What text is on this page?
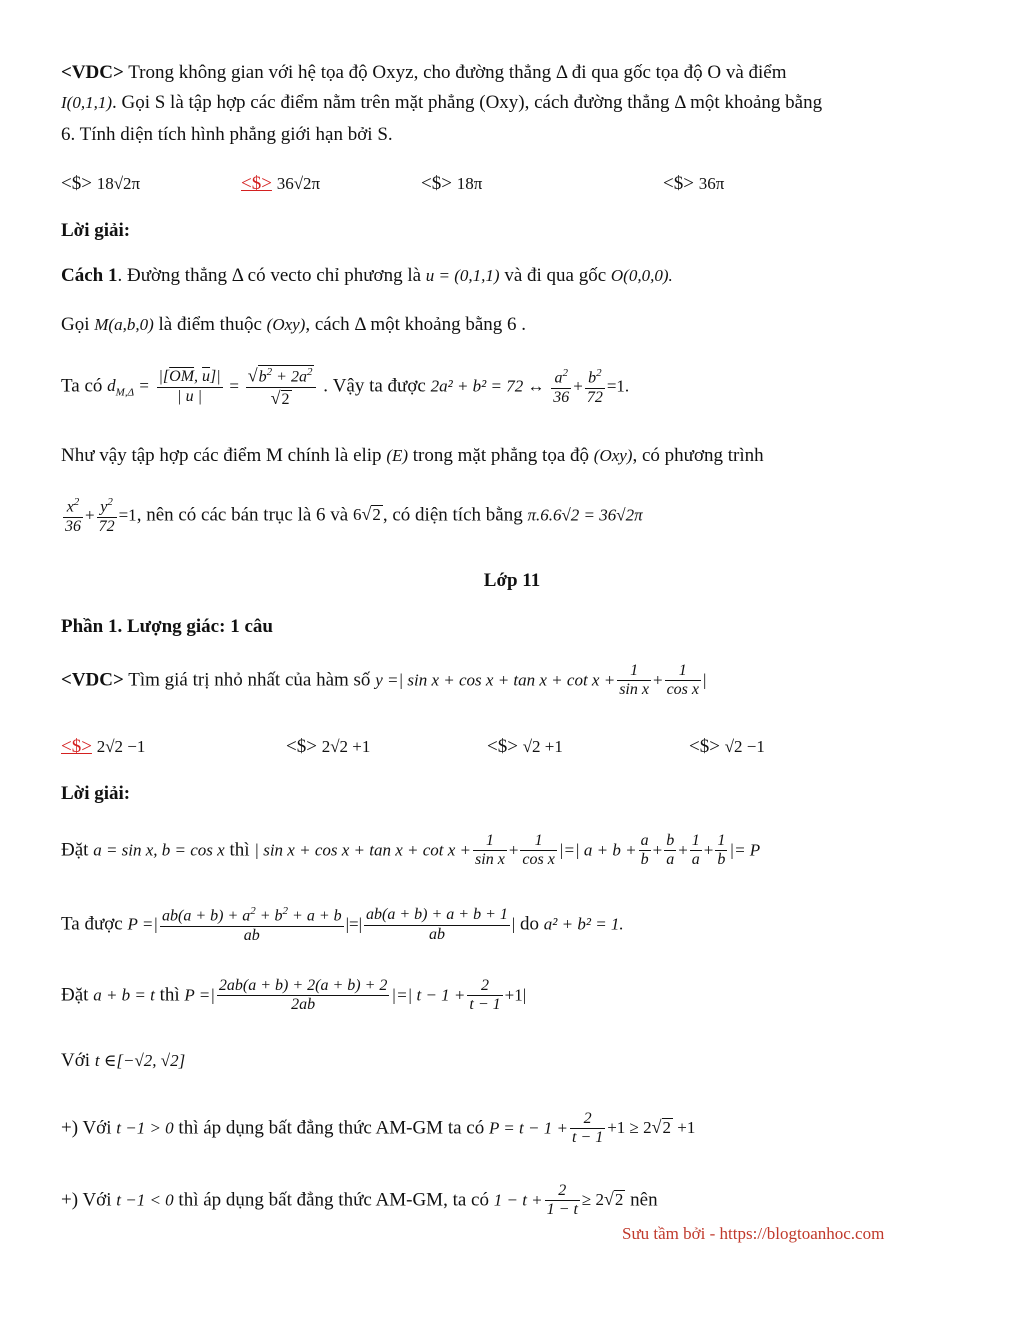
<VDC> Trong không gian với hệ tọa độ Oxyz, cho đường thẳng Δ đi qua gốc tọa độ O và điểm
I(0,1,1). Gọi S là tập hợp các điểm nằm trên mặt phẳng (Oxy), cách đường thẳng Δ một khoảng bằng
6. Tính diện tích hình phẳng giới hạn bởi S.
<$> 18√2π	<$> 36√2π	<$> 18π	<$> 36π
Lời giải:
Cách 1. Đường thẳng Δ có vecto chỉ phương là u = (0,1,1) và đi qua gốc O(0,0,0).
Gọi M(a,b,0) là điểm thuộc (Oxy), cách Δ một khoảng bằng 6 .
Ta có $d_{M,\Delta} = \frac{|[\overline{OM}, \overline{u}]|}{| \overline{u} |} = \frac{√b^2 + 2a^2}{√2}$ . Vậy ta được 2a² + b² = 72 ↔ $\frac{a^2}{36} + \frac{b^2}{72} =1$.
Như vậy tập hợp các điểm M chính là elip (E) trong mặt phẳng tọa độ (Oxy), có phương trình
$\frac{x^2}{36} + \frac{y^2}{72} =1$, nên có các bán trục là 6 và 6√2 , có diện tích bằng π.6.6√2 = 36√2π
Lớp 11
Phần 1. Lượng giác: 1 câu
<VDC> Tìm giá trị nhỏ nhất của hàm số y =| $\sin x + \cos x + \tan x + \cot x + \frac{1}{\text{sin x}} + \frac{1}{\text{cos x}}$ |
<$> 2√2 −1	<$> 2√2 +1	<$> √2 +1	<$> √2 −1
Lời giải:
Đặt a = sin x, b = cos x thì | $\sin x + \cos x + \tan x + \cot x + \frac{1}{\text{sin x}} + \frac{1}{\text{cos x}}$ |=| $a + b + \frac{a}{b} + \frac{b}{a} + \frac{1}{a} + \frac{1}{b}$ |= P
Ta được P =| $\frac{ab(a + b) + a^2 + b^2 + a + b}{ab}$ |=| $\frac{ab(a + b) + a + b + 1}{ab}$ | do a² + b² = 1.
Đặt a + b = t thì P =| $\frac{2ab(a + b) + 2(a + b) + 2}{2ab}$ |=| $t - 1 + \frac{2}{t - 1} +1|$
Với t ∈[−√2, √2]
+) Với t −1 > 0 thì áp dụng bất đẳng thức AM-GM ta có $P = t - 1 + \frac{2}{t - 1} +1 \ge 2√2 +1$
+) Với t −1 < 0 thì áp dụng bất đẳng thức AM-GM, ta có $1 - t + \frac{2}{1 - t} \ge 2√2$ nên
Sưu tầm bởi - https://blogtoanhoc.com
